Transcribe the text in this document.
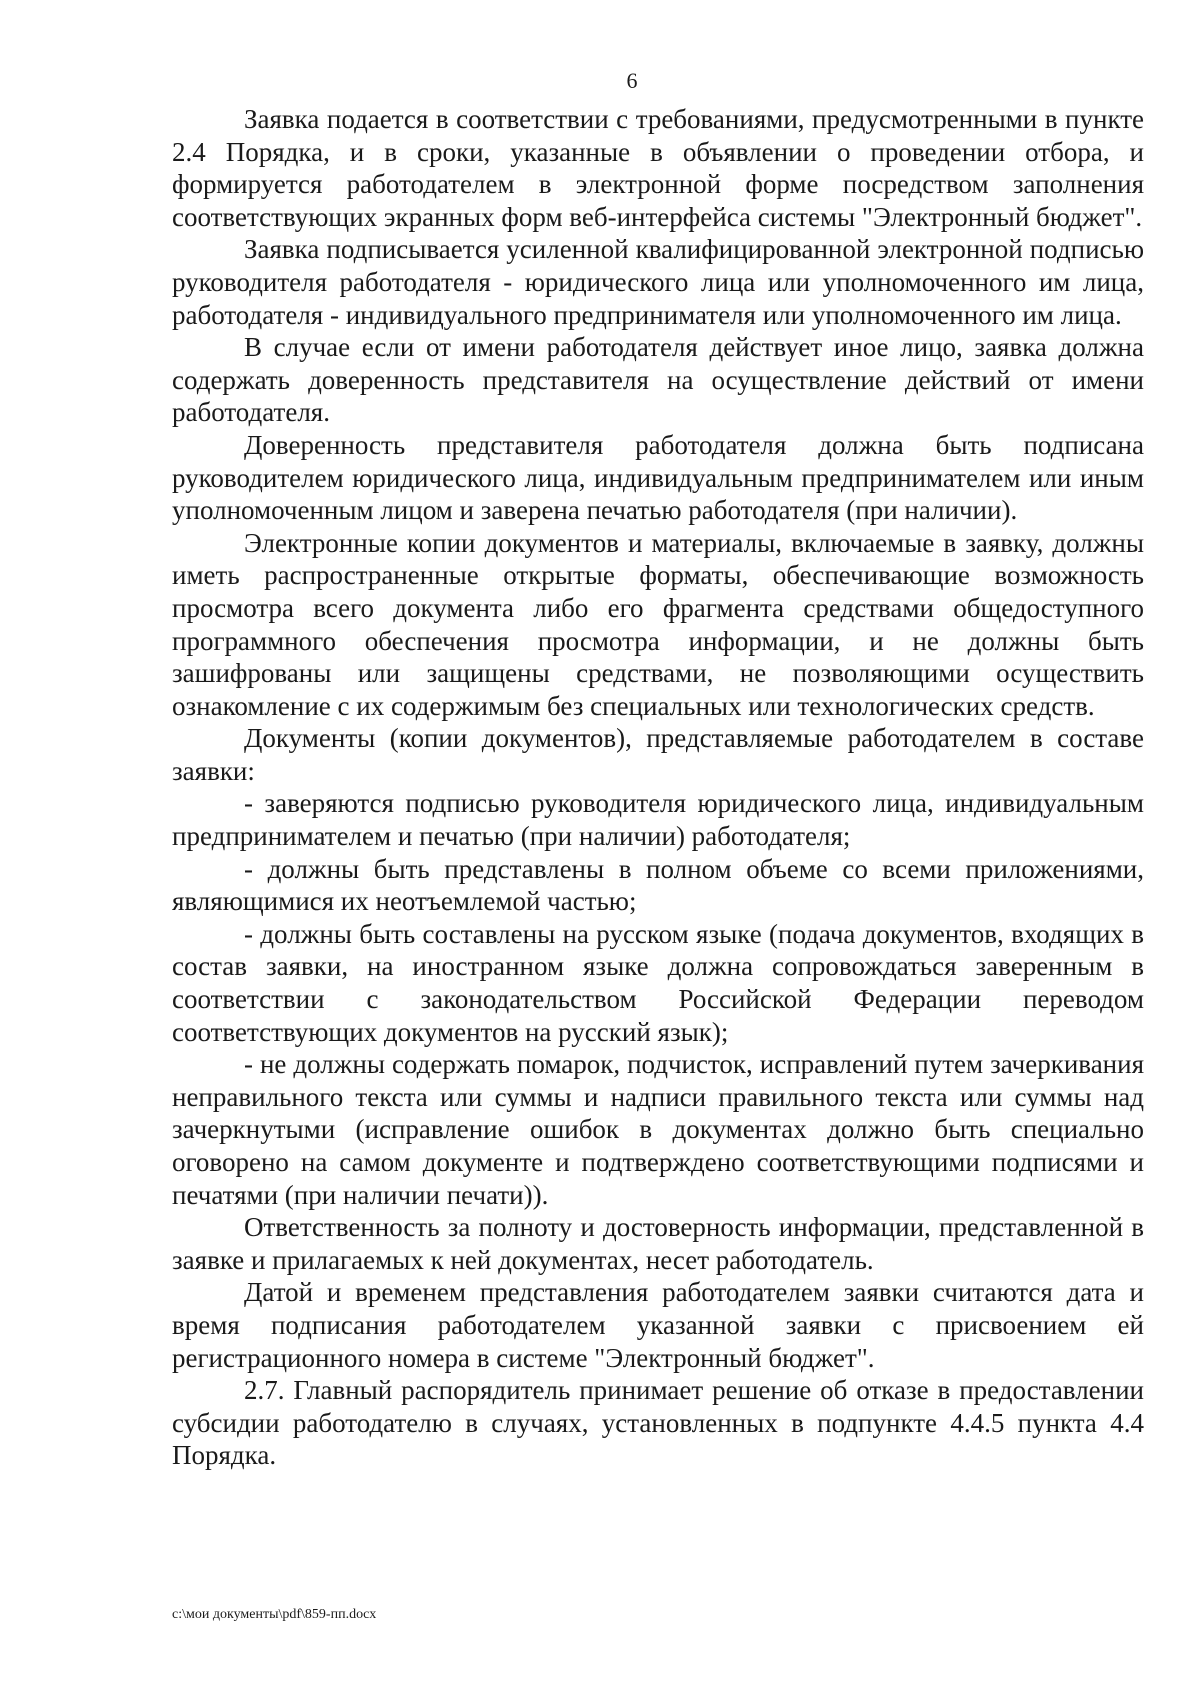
6

Заявка подается в соответствии с требованиями, предусмотренными в пункте 2.4 Порядка, и в сроки, указанные в объявлении о проведении отбора, и формируется работодателем в электронной форме посредством заполнения соответствующих экранных форм веб-интерфейса системы "Электронный бюджет".

Заявка подписывается усиленной квалифицированной электронной подписью руководителя работодателя - юридического лица или уполномоченного им лица, работодателя - индивидуального предпринимателя или уполномоченного им лица.

В случае если от имени работодателя действует иное лицо, заявка должна содержать доверенность представителя на осуществление действий от имени работодателя.

Доверенность представителя работодателя должна быть подписана руководителем юридического лица, индивидуальным предпринимателем или иным уполномоченным лицом и заверена печатью работодателя (при наличии).

Электронные копии документов и материалы, включаемые в заявку, должны иметь распространенные открытые форматы, обеспечивающие возможность просмотра всего документа либо его фрагмента средствами общедоступного программного обеспечения просмотра информации, и не должны быть зашифрованы или защищены средствами, не позволяющими осуществить ознакомление с их содержимым без специальных или технологических средств.

Документы (копии документов), представляемые работодателем в составе заявки:

- заверяются подписью руководителя юридического лица, индивидуальным предпринимателем и печатью (при наличии) работодателя;

- должны быть представлены в полном объеме со всеми приложениями, являющимися их неотъемлемой частью;

- должны быть составлены на русском языке (подача документов, входящих в состав заявки, на иностранном языке должна сопровождаться заверенным в соответствии с законодательством Российской Федерации переводом соответствующих документов на русский язык);

- не должны содержать помарок, подчисток, исправлений путем зачеркивания неправильного текста или суммы и надписи правильного текста или суммы над зачеркнутыми (исправление ошибок в документах должно быть специально оговорено на самом документе и подтверждено соответствующими подписями и печатями (при наличии печати)).

Ответственность за полноту и достоверность информации, представленной в заявке и прилагаемых к ней документах, несет работодатель.

Датой и временем представления работодателем заявки считаются дата и время подписания работодателем указанной заявки с присвоением ей регистрационного номера в системе "Электронный бюджет".

2.7. Главный распорядитель принимает решение об отказе в предоставлении субсидии работодателю в случаях, установленных в подпункте 4.4.5 пункта 4.4 Порядка.

c:\мои документы\pdf\859-пп.docx
